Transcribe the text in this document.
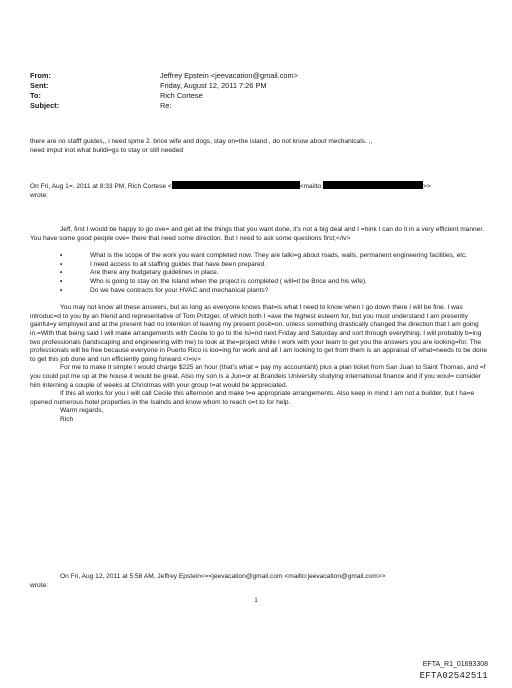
From:	Jeffrey Epstein <jeevacation@gmail.com>
Sent:	Friday, August 12, 2011 7:26 PM
To:	Rich Cortese
Subject:	Re:
there are no stafff guides,, i need spme 2. brice wife and dogs, stay on=the island , do not know about mechanicals. ,,
need imput inot what buildi=gs to stay or still needed
On Fri, Aug 1=, 2011 at 8:33 PM, Rich Cortese <	<mailto:	>>
wrote:
Jeff, first I would be happy to go ove= and get all the things that you want done, it's not a big deal and I =hink I can do it in a very efficient manner. You have some good people ove= there that need some direction. But I need to ask some questions first;</iv>
•	What is the scope of the work you want completed now. They are talki=g about roads, walls, permanent engineering facilities, etc.
•	I need access to all staffing guides that have been prepared.
•	Are there any budgetary guidelines in place.
•	Who is going to stay on the Island when the project is completed ( will=it be Brice and his wife).
•	Do we have contracts for your HVAC and mechanical plants?
You may not know all these answers, but as long as everyone knows that=is what I need to know when I go down there I will be fine. I was introduc=d to you by an friend and representative of Tom Pritzger, of which both I =ave the highest esteem for, but you must understand I am presently gainful=y employed and at the present had no intention of leaving my present posit=on, unless something drastically changed the direction that I am going in.=With that being said I will make arrangements with Cecile to go to the Isl=nd next Friday and Saturday and sort through everything. I will probably b=ing two professionals (landscaping and engineering with me) to look at the=project while I work with your team to get you the answers you are looking=for. The professionals will be free because everyone in Puerto Rico is loo=ing for work and all I am looking to get from them is an appraisal of what=needs to be done to get this job done and run efficiently going forward.</=iv>
For me to make it simple I would charge $225 an hour (that's what = pay my accountant) plus a plan ticket from San Juan to Saint Thomas, and =f you could put me up at the house it would be great. Also my son is a Jun=or at Brandeis University studying international finance and if you woul= consider him interning a couple of weeks at Christmas with your group t=at would be appreciated.
If this all works for you I will call Cecile this afternoon and make t=e appropriate arrangements. Also keep in mind I am not a builder, but I ha=e opened numerous hotel properties in the Isalnds and know whom to reach o=t to for help.
Warm regards,
Rich
On Fri, Aug 12, 2011 at 5:58 AM, Jeffrey Epstein<=<jeevacation@gmail.com <mailto:jeevacation@gmail.com>>
wrote:
1
EFTA_R1_01693308
EFTA02542511
